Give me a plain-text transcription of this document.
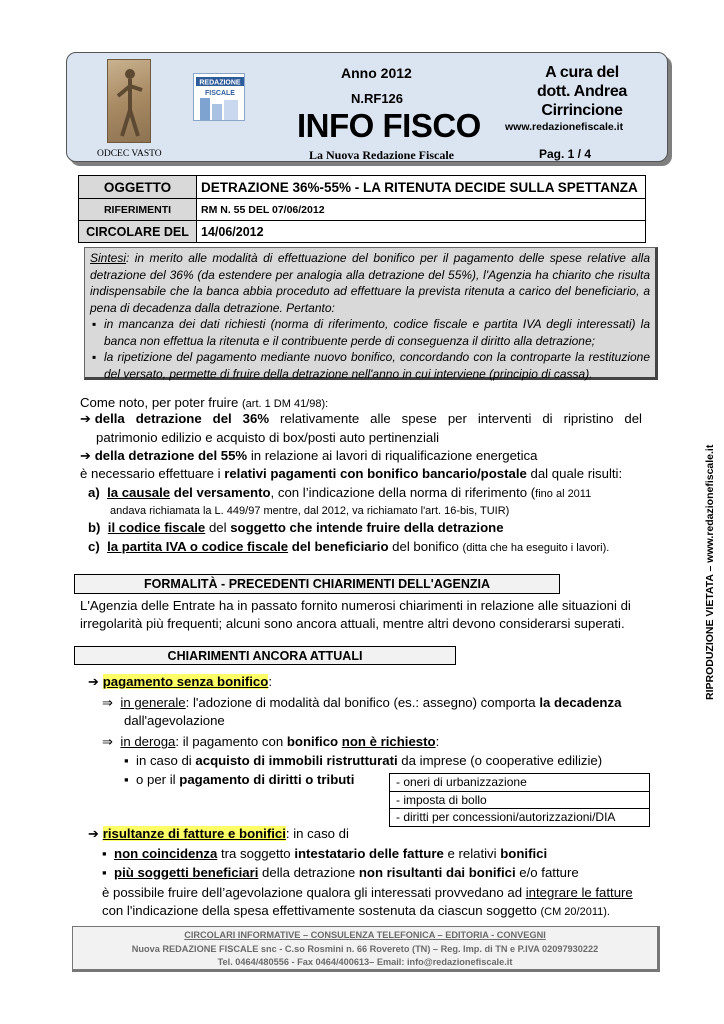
REDAZIONE
FISCALE
ODCEC VASTO
Anno 2012
N.RF126
INFO FISCO
La Nuova Redazione Fiscale
A cura del
dott. Andrea Cirrincione
www.redazionefiscale.it
Pag. 1 / 4
OGGETTO	DETRAZIONE 36%-55% - LA RITENUTA DECIDE SULLA SPETTANZA
RIFERIMENTI	RM N. 55 DEL 07/06/2012
CIRCOLARE DEL	14/06/2012
Sintesi: in merito alle modalità di effettuazione del bonifico per il pagamento delle spese relative alla detrazione del 36% (da estendere per analogia alla detrazione del 55%), l'Agenzia ha chiarito che risulta indispensabile che la banca abbia proceduto ad effettuare la prevista ritenuta a carico del beneficiario, a pena di decadenza dalla detrazione. Pertanto:
▪ in mancanza dei dati richiesti (norma di riferimento, codice fiscale e partita IVA degli interessati) la banca non effettua la ritenuta e il contribuente perde di conseguenza il diritto alla detrazione;
▪ la ripetizione del pagamento mediante nuovo bonifico, concordando con la controparte la restituzione del versato, permette di fruire della detrazione nell'anno in cui interviene (principio di cassa).
Come noto, per poter fruire (art. 1 DM 41/98):
➔ della detrazione del 36% relativamente alle spese per interventi di ripristino del
patrimonio edilizio e acquisto di box/posti auto pertinenziali
➔ della detrazione del 55% in relazione ai lavori di riqualificazione energetica
è necessario effettuare i relativi pagamenti con bonifico bancario/postale dal quale risulti:
a) la causale del versamento, con l’indicazione della norma di riferimento (fino al 2011
andava richiamata la L. 449/97 mentre, dal 2012, va richiamato l'art. 16-bis, TUIR)
b) il codice fiscale del soggetto che intende fruire della detrazione
c) la partita IVA o codice fiscale del beneficiario del bonifico (ditta che ha eseguito i lavori).
FORMALITÀ - PRECEDENTI CHIARIMENTI DELL'AGENZIA
L'Agenzia delle Entrate ha in passato fornito numerosi chiarimenti in relazione alle situazioni di
irregolarità più frequenti; alcuni sono ancora attuali, mentre altri devono considerarsi superati.
CHIARIMENTI ANCORA ATTUALI
➔ pagamento senza bonifico:
⇒  in generale: l'adozione di modalità dal bonifico (es.: assegno) comporta la decadenza
dall'agevolazione
⇒  in deroga: il pagamento con bonifico non è richiesto:
▪  in caso di acquisto di immobili ristrutturati da imprese (o cooperative edilizie)
▪  o per il pagamento di diritti o tributi	- oneri di urbanizzazione
- imposta di bollo
- diritti per concessioni/autorizzazioni/DIA
➔ risultanze di fatture e bonifici: in caso di
▪  non coincidenza tra soggetto intestatario delle fatture e relativi bonifici
▪  più soggetti beneficiari della detrazione non risultanti dai bonifici e/o fatture
è possibile fruire dell’agevolazione qualora gli interessati provvedano ad integrare le fatture
con l'indicazione della spesa effettivamente sostenuta da ciascun soggetto (CM 20/2011).
RIPRODUZIONE VIETATA – www.redazionefiscale.it
CIRCOLARI INFORMATIVE – CONSULENZA TELEFONICA – EDITORIA - CONVEGNI
Nuova REDAZIONE FISCALE snc - C.so Rosmini n. 66 Rovereto (TN) – Reg. Imp. di TN e P.IVA 02097930222
Tel. 0464/480556 - Fax 0464/400613– Email: info@redazionefiscale.it
